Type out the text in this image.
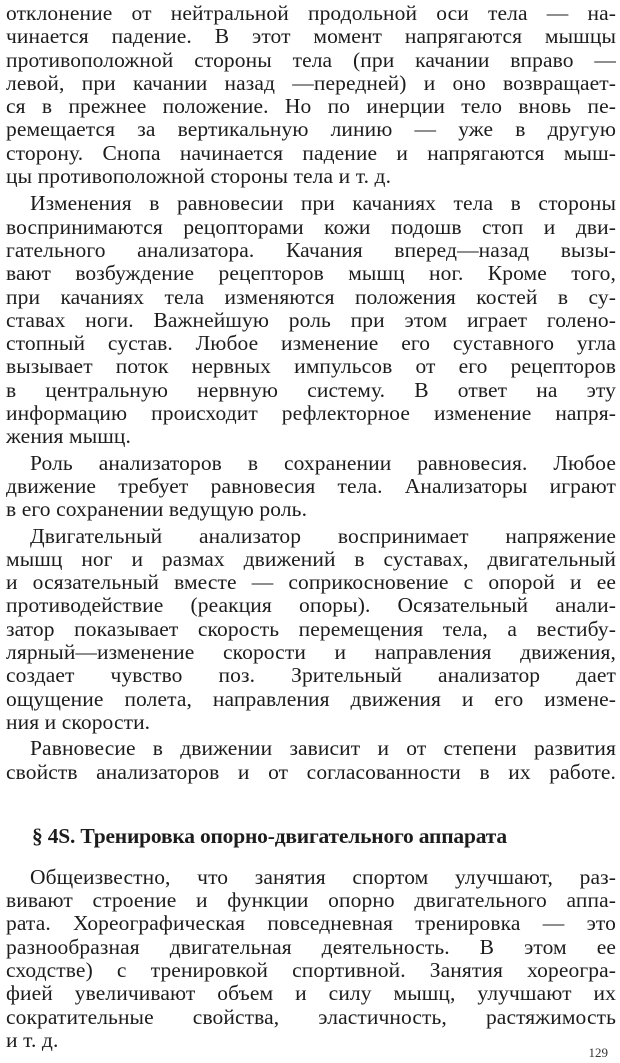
отклонение от нейтральной продольной оси тела — на-
чинается падение. В этот момент напрягаются мышцы
противоположной стороны тела (при качании вправо —
левой, при качании назад —передней) и оно возвращает-
ся в прежнее положение. Но по инерции тело вновь пе-
ремещается за вертикальную линию — уже в другую
сторону. Снопа начинается падение и напрягаются мыш-
цы противоположной стороны тела и т. д.
Изменения в равновесии при качаниях тела в стороны
воспринимаются рецопторами кожи подошв стоп и дви-
гательного анализатора. Качания вперед—назад вызы-
вают возбуждение рецепторов мышц ног. Кроме того,
при качаниях тела изменяются положения костей в су-
ставах ноги. Важнейшую роль при этом играет голено-
стопный сустав. Любое изменение его суставного угла
вызывает поток нервных импульсов от его рецепторов
в центральную нервную систему. В ответ на эту
информацию происходит рефлекторное изменение напря-
жения мышц.
Роль анализаторов в сохранении равновесия. Любое
движение требует равновесия тела. Анализаторы играют
в его сохранении ведущую роль.
Двигательный анализатор воспринимает напряжение
мышц ног и размах движений в суставах, двигательный
и осязательный вместе — соприкосновение с опорой и ее
противодействие (реакция опоры). Осязательный анали-
затор показывает скорость перемещения тела, а вестибу-
лярный—изменение скорости и направления движения,
создает чувство поз. Зрительный анализатор дает
ощущение полета, направления движения и его измене-
ния и скорости.
Равновесие в движении зависит и от степени развития
свойств анализаторов и от согласованности в их работе.
§ 4S. Тренировка опорно-двигательного аппарата
Общеизвестно, что занятия спортом улучшают, раз-
вивают строение и функции опорно двигательного аппа-
рата. Хореографическая повседневная тренировка — это
разнообразная двигательная деятельность. В этом ее
сходстве) с тренировкой спортивной. Занятия хореогра-
фией увеличивают объем и силу мышц, улучшают их
сократительные свойства, эластичность, растяжимость
и т. д.
129
